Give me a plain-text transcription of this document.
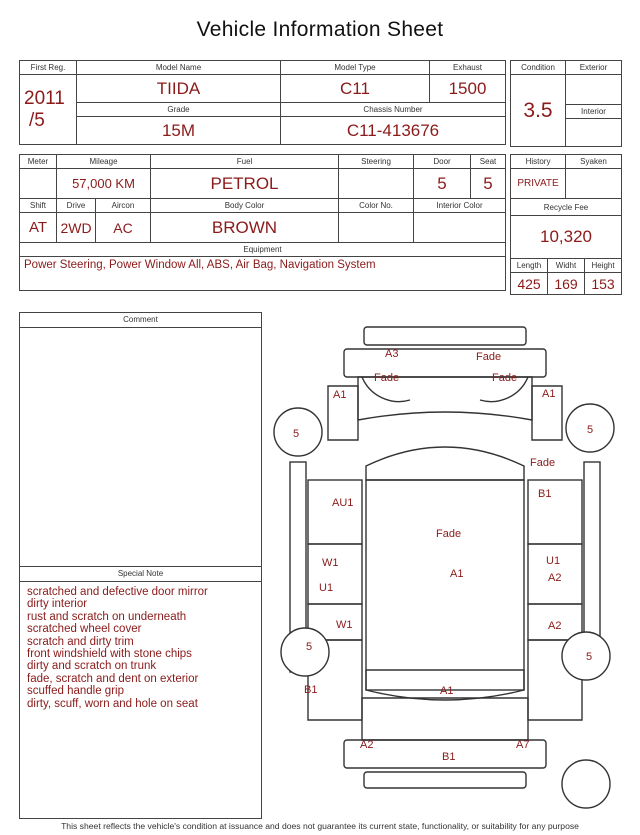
Vehicle Information Sheet
First Reg.	Model Name	Model Type	Exhaust

2011
/5	TIIDA	C11	1500
	Grade	Chassis Number	
	15M	C11-413676	
Condition	Exterior
3.5	
	Interior

Meter	Mileage		Fuel	Steering	Door	Seat
	57,000 KM		PETROL		5	5
Shift	Drive	Aircon	Body Color	Color No.	Interior Color	
AT	2WD	AC	BROWN			
Equipment						
Power Steering, Power Window All, ABS, Air Bag, Navigation System						
History		Syaken	
PRIVATE			
Recycle Fee			
10,320			
Length	Widht		Height
425	169		153
Comment
Special Note
scratched and defective door mirror
dirty interior
rust and scratch on underneath
scratched wheel cover
scratch and dirty trim
front windshield with stone chips
dirty and scratch on trunk
fade, scratch and dent on exterior
scuffed handle grip
dirty, scuff, worn and hole on seat
A3	Fade
Fade	Fade
A1	A1
5	5
Fade
AU1
B1
Fade
A1
W1
U1
U1
A2
W1	A2
B1
5
5
A1
A2	A7
B1
This sheet reflects the vehicle's condition at issuance and does not guarantee its current state, functionality, or suitability for any purpose
